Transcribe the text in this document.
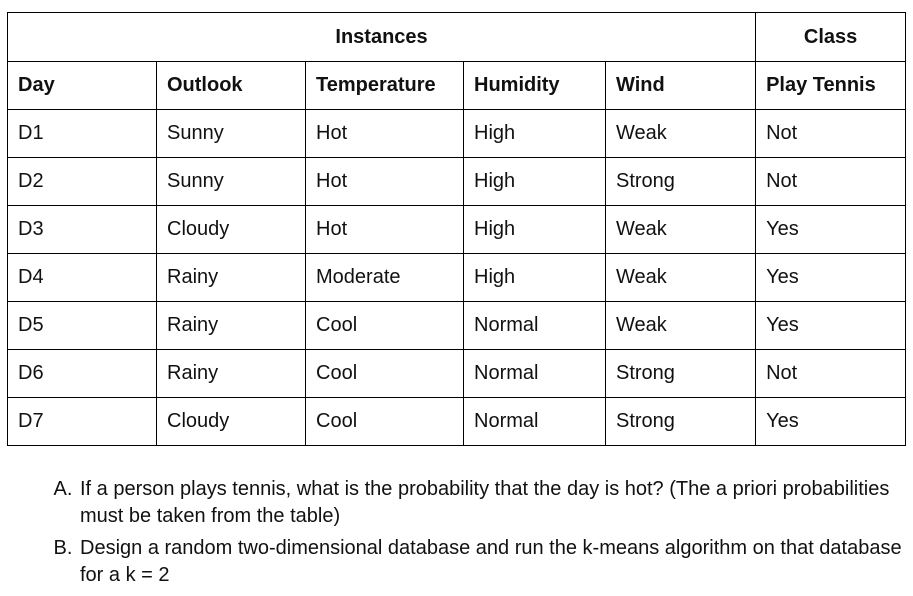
Instances					Class
Day	Outlook	Temperature	Humidity	Wind	Play Tennis
D1	Sunny	Hot	High	Weak	Not
D2	Sunny	Hot	High	Strong	Not
D3	Cloudy	Hot	High	Weak	Yes
D4	Rainy	Moderate	High	Weak	Yes
D5	Rainy	Cool	Normal	Weak	Yes
D6	Rainy	Cool	Normal	Strong	Not
D7	Cloudy	Cool	Normal	Strong	Yes
A. If a person plays tennis, what is the probability that the day is hot? (The a priori probabilities must be taken from the table)
B. Design a random two-dimensional database and run the k-means algorithm on that database for a k = 2
